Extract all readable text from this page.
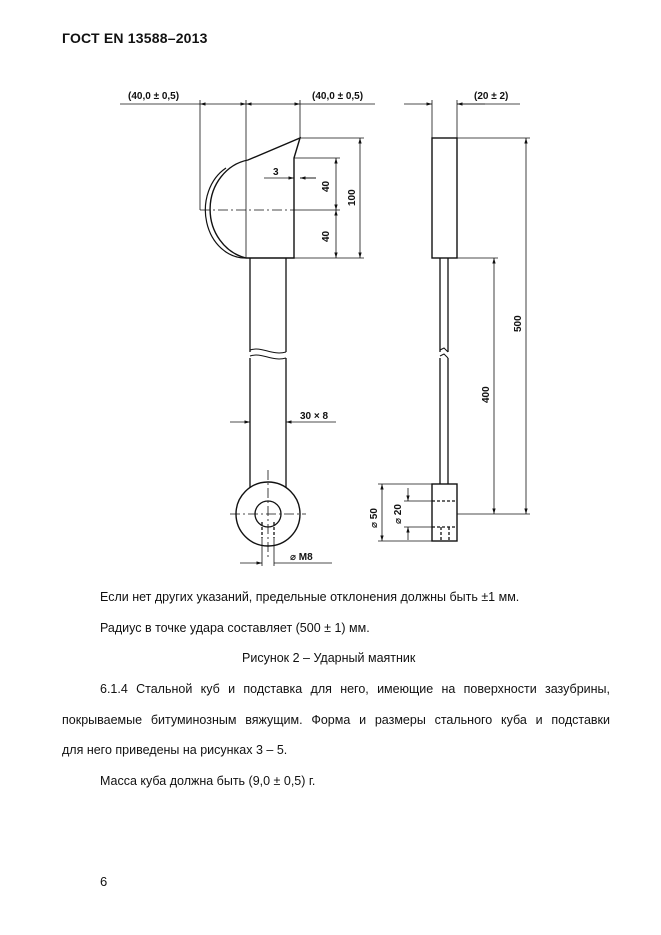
ГОСТ EN 13588–2013
(40,0 ± 0,5)	(40,0 ± 0,5)	(20 ± 2)
3
40
40
100
500
400
30 × 8
⌀ M8
⌀ 50 ⌀ 20
Если нет других указаний, предельные отклонения должны быть ±1 мм.
Радиус в точке удара составляет (500 ± 1) мм.
Рисунок 2 – Ударный маятник
6.1.4 Стальной куб и подставка для него, имеющие на поверхности зазубрины,
покрываемые битуминозным вяжущим. Форма и размеры стального куба и подставки
для него приведены на рисунках 3 – 5.
Масса куба должна быть (9,0 ± 0,5) г.
6
